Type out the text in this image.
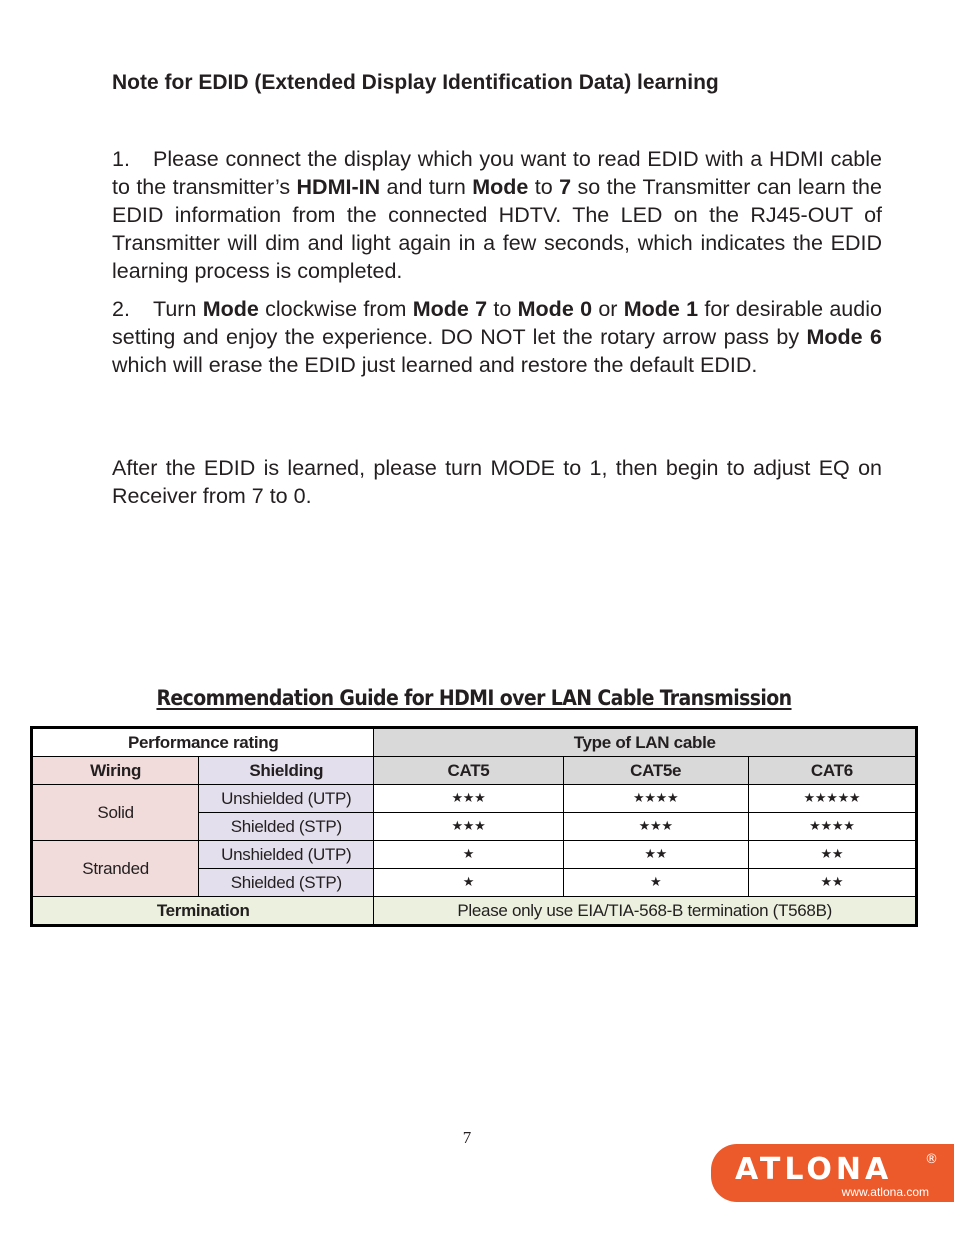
Note for EDID (Extended Display Identification Data) learning

1. Please connect the display which you want to read EDID with a HDMI cable to the transmitter’s HDMI-IN and turn Mode to 7 so the Transmitter can learn the EDID information from the connected HDTV. The LED on the RJ45-OUT of Transmitter will dim and light again in a few seconds, which indicates the EDID learning process is completed.

2. Turn Mode clockwise from Mode 7 to Mode 0 or Mode 1 for desirable audio setting and enjoy the experience. DO NOT let the rotary arrow pass by Mode 6 which will erase the EDID just learned and restore the default EDID.

After the EDID is learned, please turn MODE to 1, then begin to adjust EQ on Receiver from 7 to 0.

Recommendation Guide for HDMI over LAN Cable Transmission
Performance rating		Type of LAN cable		
Wiring	Shielding	CAT5	CAT5e	CAT6
Solid	Unshielded (UTP)	★★★	★★★★	★★★★★
	Shielded (STP)	★★★	★★★	★★★★
Stranded	Unshielded (UTP)	★	★★	★★
	Shielded (STP)	★	★	★★
Termination		Please only use EIA/TIA-568-B termination (T568B)		
7
ATLONA	®
www.atlona.com
